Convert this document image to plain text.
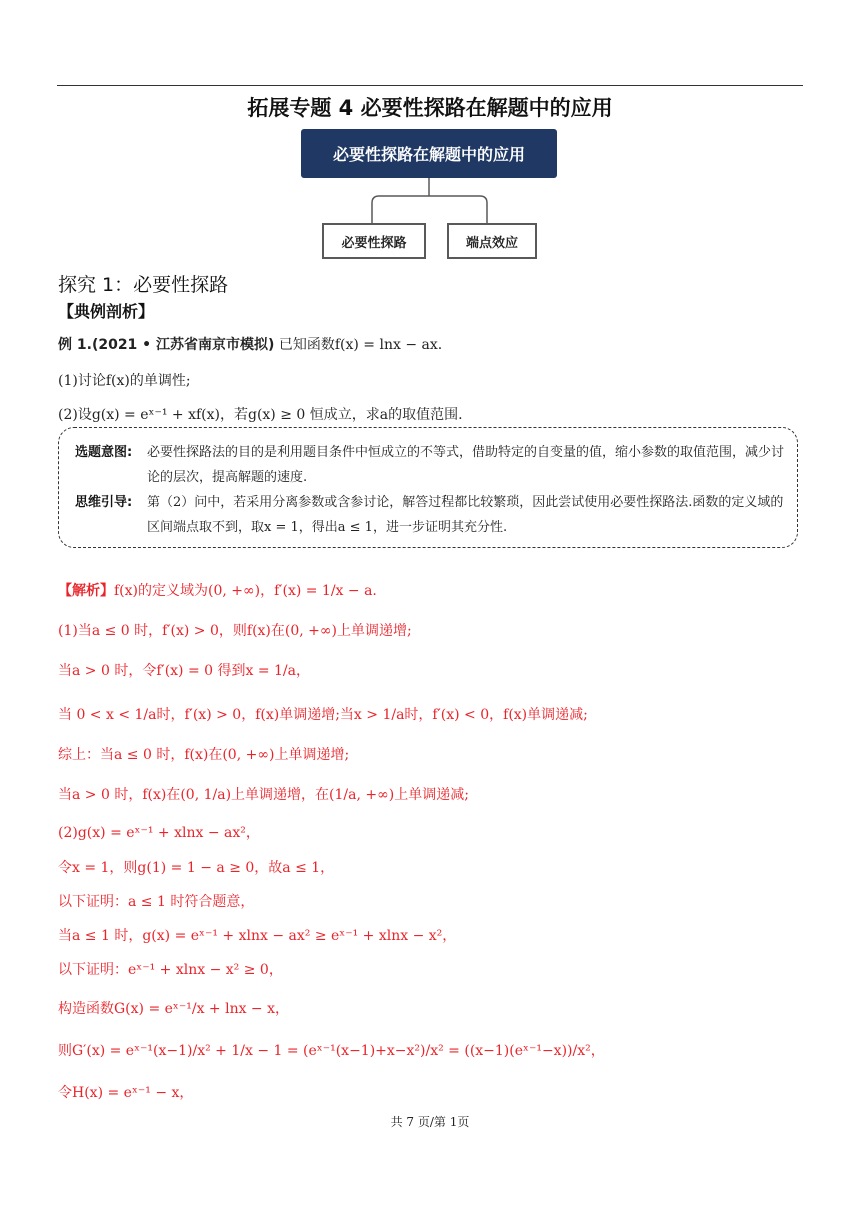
拓展专题 4 必要性探路在解题中的应用
必要性探路在解题中的应用
必要性探路	端点效应
探究 1：必要性探路
【典例剖析】
例 1.(2021 • 江苏省南京市模拟) 已知函数f(x) = lnx − ax.
(1)讨论f(x)的单调性;
(2)设g(x) = eˣ⁻¹ + xf(x)，若g(x) ≥ 0 恒成立，求a的取值范围.
选题意图: 必要性探路法的目的是利用题目条件中恒成立的不等式，借助特定的自变量的值，缩小参数的取值范围，减少讨论的层次，提高解题的速度.
思维引导: 第（2）问中，若采用分离参数或含参讨论，解答过程都比较繁琐，因此尝试使用必要性探路法.函数的定义域的区间端点取不到，取x = 1，得出a ≤ 1，进一步证明其充分性.
【解析】f(x)的定义域为(0, +∞)，f′(x) = 1/x − a.
(1)当a ≤ 0 时，f′(x) > 0，则f(x)在(0, +∞)上单调递增;
当a > 0 时，令f′(x) = 0 得到x = 1/a，
当 0 < x < 1/a时，f′(x) > 0，f(x)单调递增;当x > 1/a时，f′(x) < 0，f(x)单调递减;
综上：当a ≤ 0 时，f(x)在(0, +∞)上单调递增;
当a > 0 时，f(x)在(0, 1/a)上单调递增，在(1/a, +∞)上单调递减;
(2)g(x) = eˣ⁻¹ + xlnx − ax²，
令x = 1，则g(1) = 1 − a ≥ 0，故a ≤ 1，
以下证明：a ≤ 1 时符合题意，
当a ≤ 1 时，g(x) = eˣ⁻¹ + xlnx − ax² ≥ eˣ⁻¹ + xlnx − x²，
以下证明：eˣ⁻¹ + xlnx − x² ≥ 0，
构造函数G(x) = eˣ⁻¹/x + lnx − x，
则G′(x) = eˣ⁻¹(x−1)/x² + 1/x − 1 = (eˣ⁻¹(x−1)+x−x²)/x² = ((x−1)(eˣ⁻¹−x))/x²，
令H(x) = eˣ⁻¹ − x，
共 7 页/第 1页
